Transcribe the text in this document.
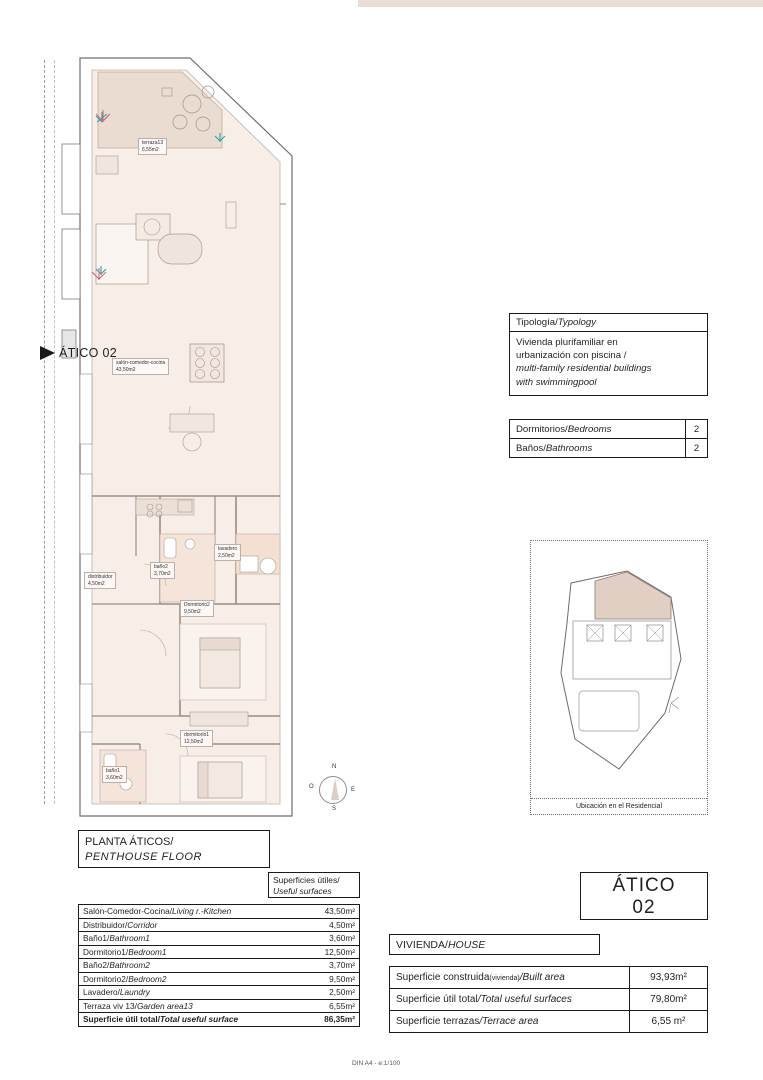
terraza13
6,55m2
salón-comedor-cocina
43,50m2
lavadero
2,50m2
baño2
3,70m2
distribuidor
4,50m2
Dormitorio2
9,50m2
dormitorio1
12,50m2
baño1
3,60m2
ÁTICO 02
N
S
E
O
PLANTA ÁTICOS/
PENTHOUSE FLOOR
Superficies útiles/
Useful surfaces
Salón-Comedor-Cocina/Living r.-Kitchen	43,50m²
Distribuidor/Corridor	4,50m²
Baño1/Bathroom1	3,60m²
Dormitorio1/Bedroom1	12,50m²
Baño2/Bathroom2	3,70m²
Dormitorio2/Bedroom2	9,50m²
Lavadero/Laundry	2,50m²
Terraza viv 13/Garden area13	6,55m²
Superficie útil total/Total useful surface	86,35m²
DIN A4 - e:1/100
Tipología/Typology
Vivienda plurifamiliar en
urbanización con piscina /
multi-family residential buildings
with swimmingpool
Dormitorios/Bedrooms	2
Baños/Bathrooms	2
Ubicación en el Residencial
ÁTICO
02
VIVIENDA/ HOUSE
Superficie construida(vivienda)/Built area	93,93m²
Superficie útil total/Total useful surfaces	79,80m²
Superficie terrazas/Terrace area	6,55 m²
